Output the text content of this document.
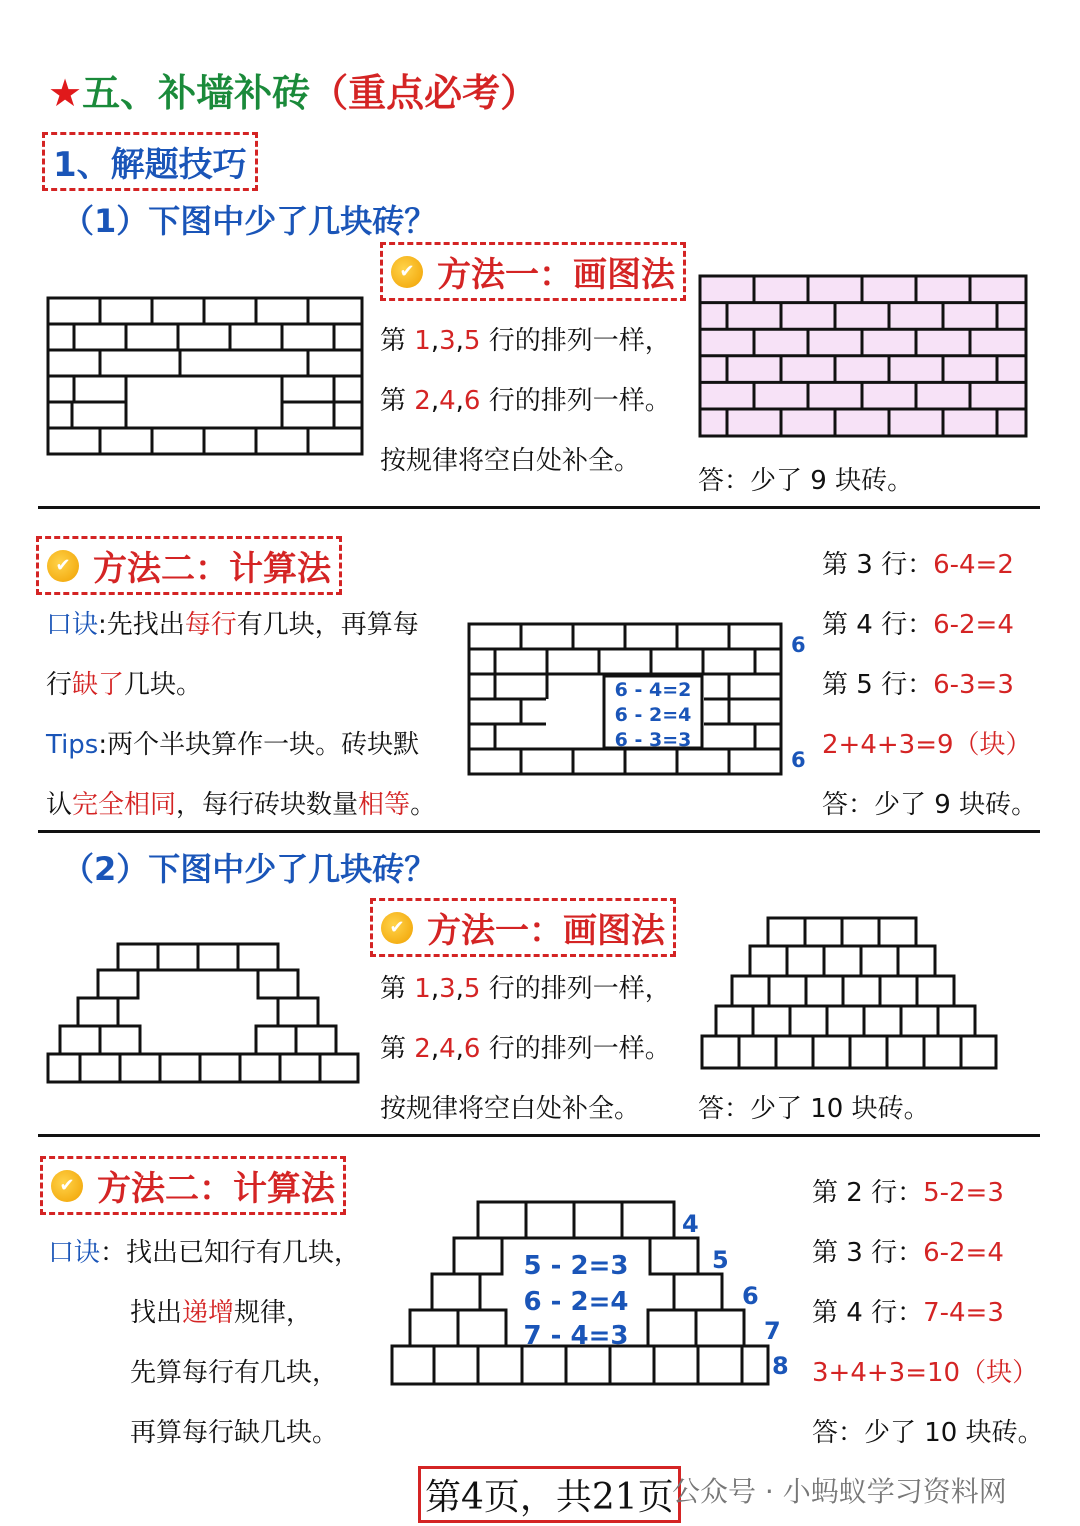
★五、补墙补砖（重点必考）
1、解题技巧
（1）下图中少了几块砖？
✔ 方法一：画图法
第 1,3,5 行的排列一样，
第 2,4,6 行的排列一样。
按规律将空白处补全。
答：少了 9 块砖。
✔ 方法二：计算法
口诀:先找出每行有几块，再算每
行缺了几块。
Tips:两个半块算作一块。砖块默
认完全相同，每行砖块数量相等。
6 - 4=2
6 - 2=4
6 - 3=3
6
6
第 3 行：6-4=2
第 4 行：6-2=4
第 5 行：6-3=3
2+4+3=9（块）
答：少了 9 块砖。
（2）下图中少了几块砖？
✔ 方法一：画图法
第 1,3,5 行的排列一样，
第 2,4,6 行的排列一样。
按规律将空白处补全。 答：少了 10 块砖。
✔ 方法二：计算法
口诀：找出已知行有几块，
找出递增规律，
先算每行有几块，
再算每行缺几块。
5 - 2=3
6 - 2=4
7 - 4=3
4
5
6
7
8
第 2 行：5-2=3
第 3 行：6-2=4
第 4 行：7-4=3
3+4+3=10（块）
答：少了 10 块砖。
第4页，共21页
公众号 · 小蚂蚁学习资料网
